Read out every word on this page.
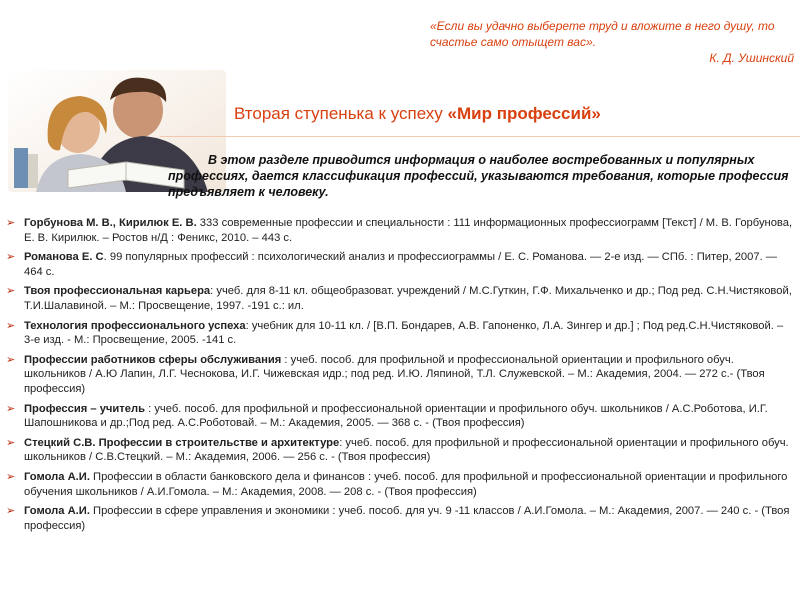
«Если вы удачно выберете труд и вложите в него душу, то счастье само отыщет вас».
К. Д. Ушинский
Вторая ступенька к успеху «Мир профессий»
В этом разделе приводится информация о наиболее востребованных и популярных профессиях, дается классификация профессий, указываются требования, которые профессия предъявляет к человеку.
➢ Горбунова М. В., Кирилюк Е. В. 333 современные профессии и специальности : 111 информационных профессиограмм [Текст] / М. В. Горбунова, Е. В. Кирилюк. – Ростов н/Д : Феникс, 2010. – 443 с.
➢ Романова Е. С. 99 популярных профессий : психологический анализ и профессиограммы / Е. С. Романова. — 2-е изд. — СПб. : Питер, 2007. — 464 с.
➢ Твоя профессиональная карьера: учеб. для 8-11 кл. общеобразоват. учреждений / М.С.Гуткин, Г.Ф. Михальченко и др.; Под ред. С.Н.Чистяковой, Т.И.Шалавиной. – М.: Просвещение, 1997. -191 с.: ил.
➢ Технология профессионального успеха: учебник для 10-11 кл. / [В.П. Бондарев, А.В. Гапоненко, Л.А. Зингер и др.] ; Под ред.С.Н.Чистяковой. – 3-е изд. - М.: Просвещение, 2005. -141 с.
➢ Профессии работников сферы обслуживания : учеб. пособ. для профильной и профессиональной ориентации и профильного обуч. школьников / А.Ю Лапин, Л.Г. Чеснокова, И.Г. Чижевская идр.; под ред. И.Ю. Ляпиной, Т.Л. Служевской. – М.: Академия, 2004. — 272 с.- (Твоя профессия)
➢ Профессия – учитель : учеб. пособ. для профильной и профессиональной ориентации и профильного обуч. школьников / А.С.Роботова, И.Г. Шапошникова и др.;Под ред. А.С.Роботовай. – М.: Академия, 2005. — 368 с. - (Твоя профессия)
➢ Стецкий С.В. Профессии в строительстве и архитектуре: учеб. пособ. для профильной и профессиональной ориентации и профильного обуч. школьников / С.В.Стецкий. – М.: Академия, 2006. — 256 с. - (Твоя профессия)
➢ Гомола А.И. Профессии в области банковского дела и финансов : учеб. пособ. для профильной и профессиональной ориентации и профильного обучения школьников / А.И.Гомола. – М.: Академия, 2008. — 208 с. - (Твоя профессия)
➢ Гомола А.И. Профессии в сфере управления и экономики : учеб. пособ. для уч. 9 -11 классов / А.И.Гомола. – М.: Академия, 2007. — 240 с. - (Твоя профессия)
